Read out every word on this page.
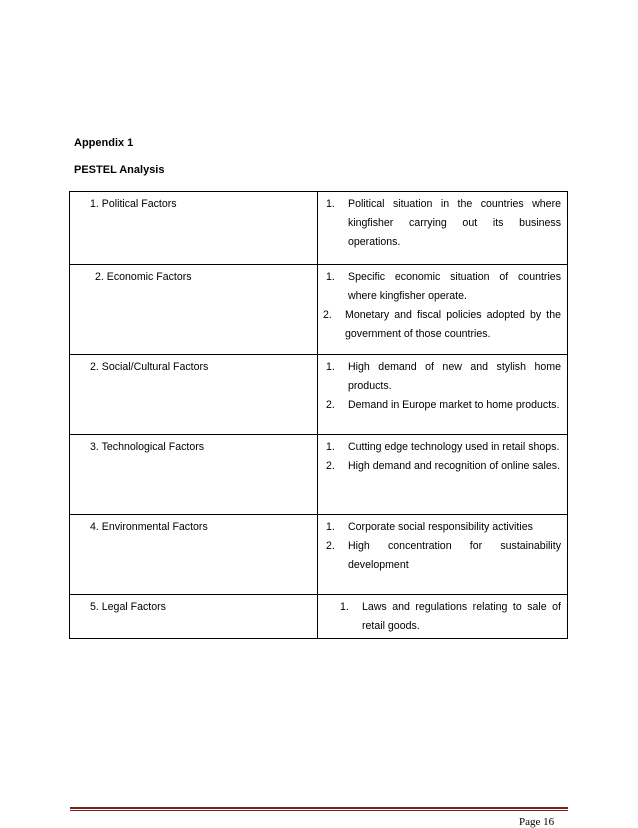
Appendix 1
PESTEL Analysis
1. Political Factors	1. Political situation in the countries where kingfisher carrying out its business operations.

2. Economic Factors	1. Specific economic situation of countries where kingfisher operate.
2. Monetary and fiscal policies adopted by the government of those countries.

2. Social/Cultural Factors	1. High demand of new and stylish home products.
2. Demand in Europe market to home products.

3. Technological Factors	1. Cutting edge technology used in retail shops.
2. High demand and recognition of online sales.

4. Environmental Factors	1. Corporate social responsibility activities
2. High concentration for sustainability development

5. Legal Factors	1. Laws and regulations relating to sale of retail goods.
Page 16
